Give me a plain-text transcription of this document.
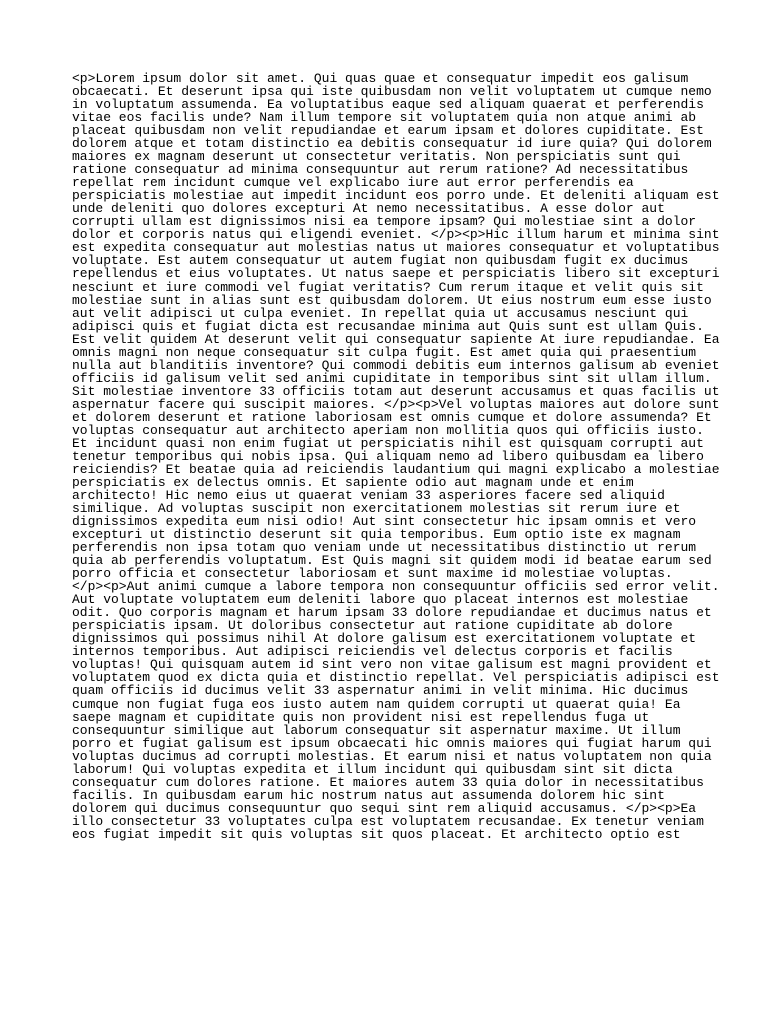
<p>Lorem ipsum dolor sit amet. Qui quas quae et consequatur impedit eos galisum
obcaecati. Et deserunt ipsa qui iste quibusdam non velit voluptatem ut cumque nemo
in voluptatum assumenda. Ea voluptatibus eaque sed aliquam quaerat et perferendis
vitae eos facilis unde? Nam illum tempore sit voluptatem quia non atque animi ab
placeat quibusdam non velit repudiandae et earum ipsam et dolores cupiditate. Est
dolorem atque et totam distinctio ea debitis consequatur id iure quia? Qui dolorem
maiores ex magnam deserunt ut consectetur veritatis. Non perspiciatis sunt qui
ratione consequatur ad minima consequuntur aut rerum ratione? Ad necessitatibus
repellat rem incidunt cumque vel explicabo iure aut error perferendis ea
perspiciatis molestiae aut impedit incidunt eos porro unde. Et deleniti aliquam est
unde deleniti quo dolores excepturi At nemo necessitatibus. A esse dolor aut
corrupti ullam est dignissimos nisi ea tempore ipsam? Qui molestiae sint a dolor
dolor et corporis natus qui eligendi eveniet. </p><p>Hic illum harum et minima sint
est expedita consequatur aut molestias natus ut maiores consequatur et voluptatibus
voluptate. Est autem consequatur ut autem fugiat non quibusdam fugit ex ducimus
repellendus et eius voluptates. Ut natus saepe et perspiciatis libero sit excepturi
nesciunt et iure commodi vel fugiat veritatis? Cum rerum itaque et velit quis sit
molestiae sunt in alias sunt est quibusdam dolorem. Ut eius nostrum eum esse iusto
aut velit adipisci ut culpa eveniet. In repellat quia ut accusamus nesciunt qui
adipisci quis et fugiat dicta est recusandae minima aut Quis sunt est ullam Quis.
Est velit quidem At deserunt velit qui consequatur sapiente At iure repudiandae. Ea
omnis magni non neque consequatur sit culpa fugit. Est amet quia qui praesentium
nulla aut blanditiis inventore? Qui commodi debitis eum internos galisum ab eveniet
officiis id galisum velit sed animi cupiditate in temporibus sint sit ullam illum.
Sit molestiae inventore 33 officiis totam aut deserunt accusamus et quas facilis ut
aspernatur facere qui suscipit maiores. </p><p>Vel voluptas maiores aut dolore sunt
et dolorem deserunt et ratione laboriosam est omnis cumque et dolore assumenda? Et
voluptas consequatur aut architecto aperiam non mollitia quos qui officiis iusto.
Et incidunt quasi non enim fugiat ut perspiciatis nihil est quisquam corrupti aut
tenetur temporibus qui nobis ipsa. Qui aliquam nemo ad libero quibusdam ea libero
reiciendis? Et beatae quia ad reiciendis laudantium qui magni explicabo a molestiae
perspiciatis ex delectus omnis. Et sapiente odio aut magnam unde et enim
architecto! Hic nemo eius ut quaerat veniam 33 asperiores facere sed aliquid
similique. Ad voluptas suscipit non exercitationem molestias sit rerum iure et
dignissimos expedita eum nisi odio! Aut sint consectetur hic ipsam omnis et vero
excepturi ut distinctio deserunt sit quia temporibus. Eum optio iste ex magnam
perferendis non ipsa totam quo veniam unde ut necessitatibus distinctio ut rerum
quia ab perferendis voluptatum. Est Quis magni sit quidem modi id beatae earum sed
porro officia et consectetur laboriosam et sunt maxime id molestiae voluptas.
</p><p>Aut animi cumque a labore tempora non consequuntur officiis sed error velit.
Aut voluptate voluptatem eum deleniti labore quo placeat internos est molestiae
odit. Quo corporis magnam et harum ipsam 33 dolore repudiandae et ducimus natus et
perspiciatis ipsam. Ut doloribus consectetur aut ratione cupiditate ab dolore
dignissimos qui possimus nihil At dolore galisum est exercitationem voluptate et
internos temporibus. Aut adipisci reiciendis vel delectus corporis et facilis
voluptas! Qui quisquam autem id sint vero non vitae galisum est magni provident et
voluptatem quod ex dicta quia et distinctio repellat. Vel perspiciatis adipisci est
quam officiis id ducimus velit 33 aspernatur animi in velit minima. Hic ducimus
cumque non fugiat fuga eos iusto autem nam quidem corrupti ut quaerat quia! Ea
saepe magnam et cupiditate quis non provident nisi est repellendus fuga ut
consequuntur similique aut laborum consequatur sit aspernatur maxime. Ut illum
porro et fugiat galisum est ipsum obcaecati hic omnis maiores qui fugiat harum qui
voluptas ducimus ad corrupti molestias. Et earum nisi et natus voluptatem non quia
laborum! Qui voluptas expedita et illum incidunt qui quibusdam sint sit dicta
consequatur cum dolores ratione. Et maiores autem 33 quia dolor in necessitatibus
facilis. In quibusdam earum hic nostrum natus aut assumenda dolorem hic sint
dolorem qui ducimus consequuntur quo sequi sint rem aliquid accusamus. </p><p>Ea
illo consectetur 33 voluptates culpa est voluptatem recusandae. Ex tenetur veniam
eos fugiat impedit sit quis voluptas sit quos placeat. Et architecto optio est
